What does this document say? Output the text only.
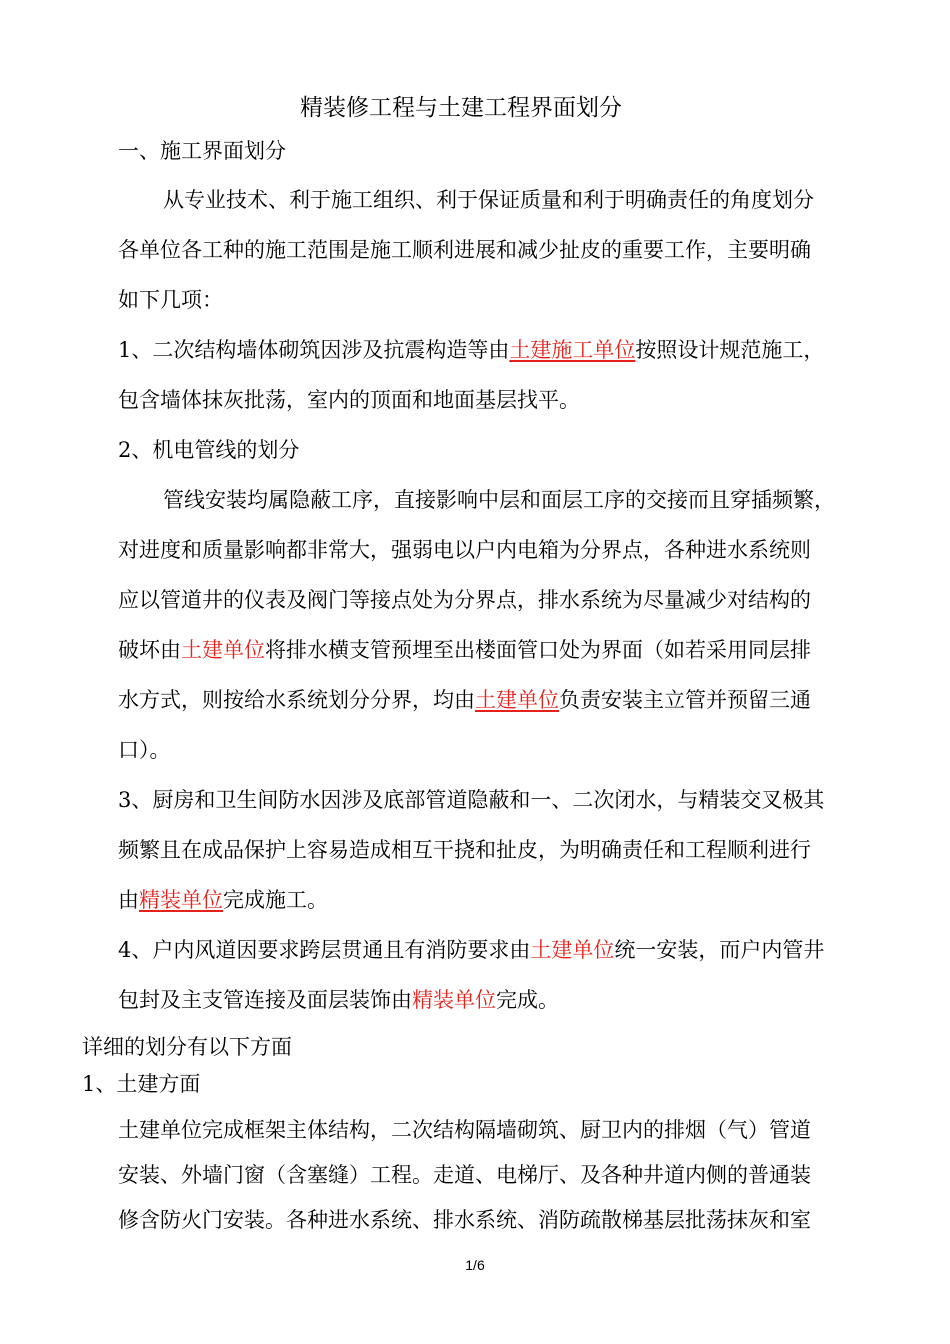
精装修工程与土建工程界面划分
一、施工界面划分
从专业技术、利于施工组织、利于保证质量和利于明确责任的角度划分
各单位各工种的施工范围是施工顺利进展和减少扯皮的重要工作，主要明确
如下几项：
1、二次结构墙体砌筑因涉及抗震构造等由土建施工单位按照设计规范施工，
包含墙体抹灰批荡，室内的顶面和地面基层找平。
2、机电管线的划分
管线安装均属隐蔽工序，直接影响中层和面层工序的交接而且穿插频繁，
对进度和质量影响都非常大，强弱电以户内电箱为分界点，各种进水系统则
应以管道井的仪表及阀门等接点处为分界点，排水系统为尽量减少对结构的
破坏由土建单位将排水横支管预埋至出楼面管口处为界面（如若采用同层排
水方式，则按给水系统划分分界，均由土建单位负责安装主立管并预留三通
口）。
3、厨房和卫生间防水因涉及底部管道隐蔽和一、二次闭水，与精装交叉极其
频繁且在成品保护上容易造成相互干挠和扯皮，为明确责任和工程顺利进行
由精装单位完成施工。
4、户内风道因要求跨层贯通且有消防要求由土建单位统一安装，而户内管井
包封及主支管连接及面层装饰由精装单位完成。
详细的划分有以下方面
1、土建方面
土建单位完成框架主体结构，二次结构隔墙砌筑、厨卫内的排烟（气）管道
安装、外墙门窗（含塞缝）工程。走道、电梯厅、及各种井道内侧的普通装
修含防火门安装。各种进水系统、排水系统、消防疏散梯基层批荡抹灰和室
1/6
